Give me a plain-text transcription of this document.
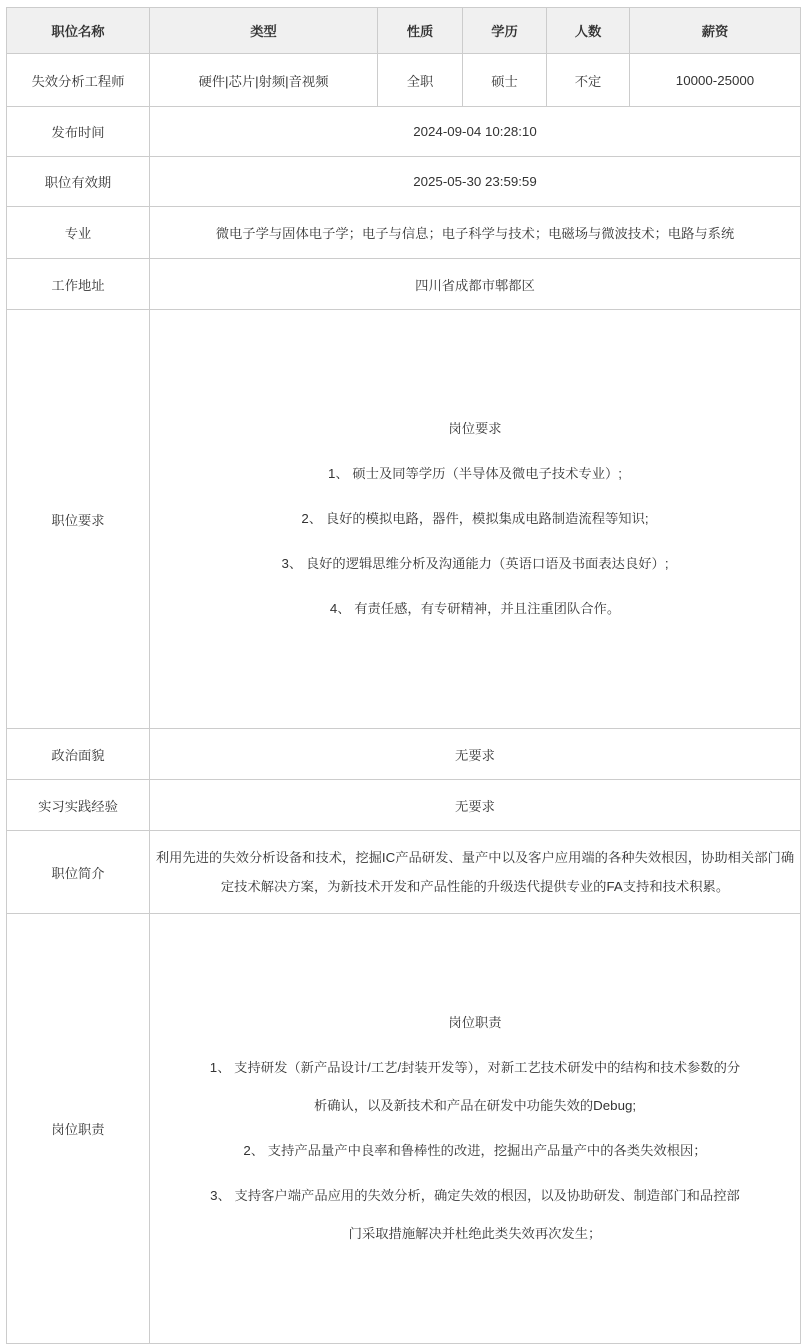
职位名称	类型	性质	学历	人数	薪资
失效分析工程师	硬件|芯片|射频|音视频	全职	硕士	不定	10000-25000
发布时间	2024-09-04 10:28:10				
职位有效期	2025-05-30 23:59:59				
专业	微电子学与固体电子学；电子与信息；电子科学与技术；电磁场与微波技术；电路与系统				
工作地址	四川省成都市郫都区				
职位要求	岗位要求

1、 硕士及同等学历（半导体及微电子技术专业）;

2、 良好的模拟电路，器件，模拟集成电路制造流程等知识;

3、 良好的逻辑思维分析及沟通能力（英语口语及书面表达良好）;

4、 有责任感，有专研精神，并且注重团队合作。				

政治面貌	无要求				
实习实践经验	无要求				
职位简介	利用先进的失效分析设备和技术，挖掘IC产品研发、量产中以及客户应用端的各种失效根因，协助相关部门确定技术解决方案，为新技术开发和产品性能的升级迭代提供专业的FA支持和技术积累。				

岗位职责	岗位职责

1、 支持研发（新产品设计/工艺/封装开发等），对新工艺技术研发中的结构和技术参数的分析确认，以及新技术和产品在研发中功能失效的Debug;

2、 支持产品量产中良率和鲁棒性的改进，挖掘出产品量产中的各类失效根因；

3、 支持客户端产品应用的失效分析，确定失效的根因，以及协助研发、制造部门和品控部门采取措施解决并杜绝此类失效再次发生；				
